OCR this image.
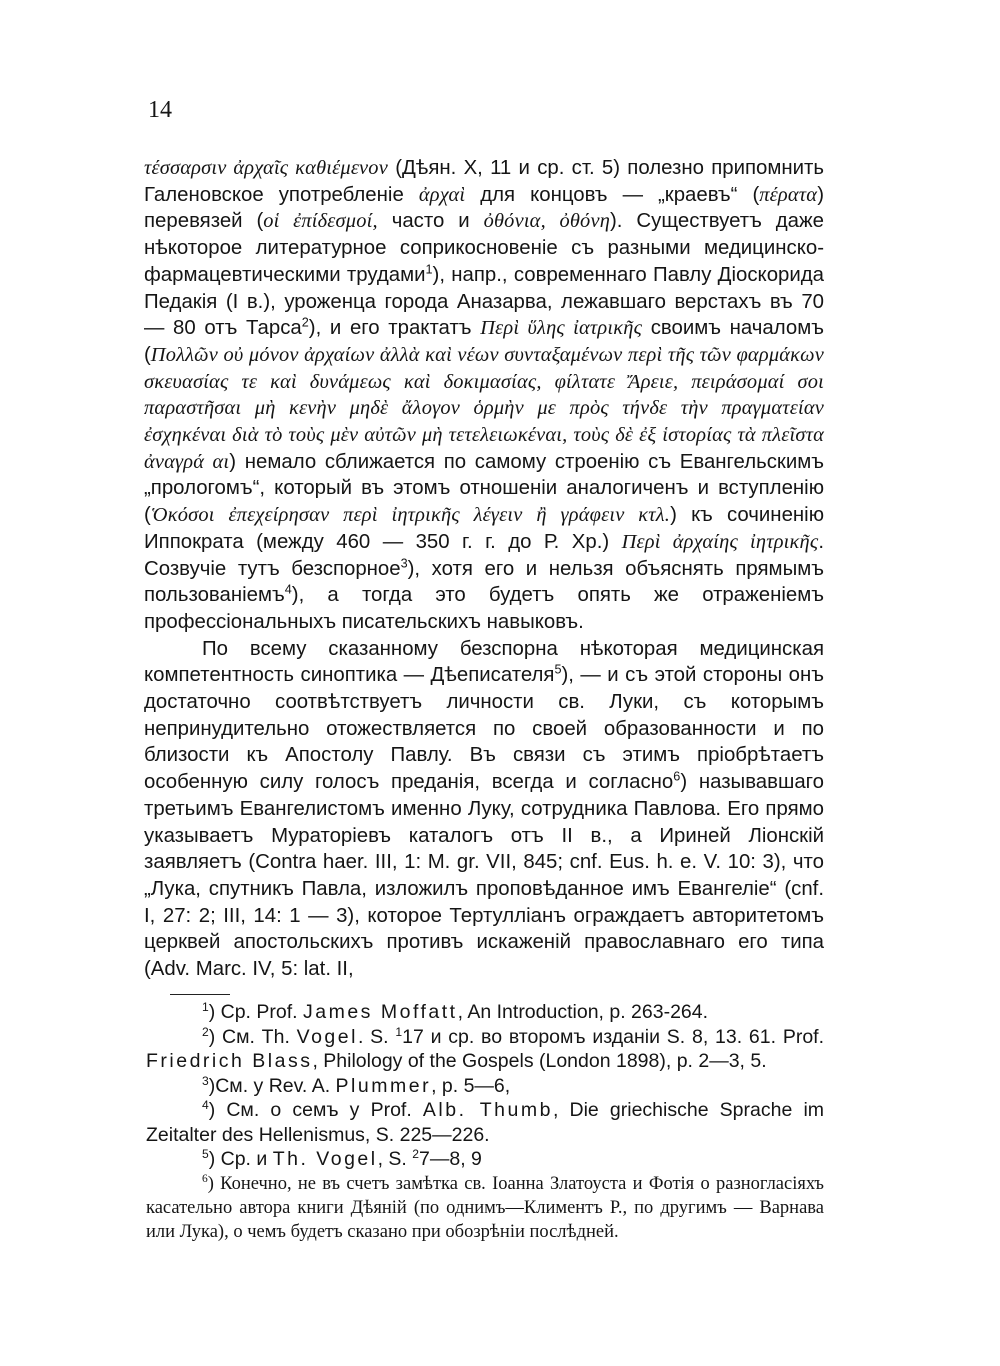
14

τέσσαρσιν ἀρχαῖς καθιέμενον (Дѣян. X, 11 и ср. ст. 5) полезно припомнить Галеновское употребленіе ἀρχαὶ для концовъ — „краевъ“ (πέρατα) перевязей (οἱ ἐπίδεσμοί, часто и ὀθόνια, ὀθόνη). Существуетъ даже нѣкоторое литературное соприкосновеніе съ разными медицинско-фармацевтическими трудами$^1$), напр., современнаго Павлу Діоскорида Педакія (I в.), уроженца города Аназарва, лежавшаго верстахъ въ 70 — 80 отъ Тарса$^2$), и его трактатъ Περὶ ὕλης ἰατρικῆς своимъ началомъ (Πολλῶν οὐ μόνον ἀρχαίων ἀλλὰ καὶ νέων συνταξαμένων περὶ τῆς τῶν φαρμάκων σκευασίας τε καὶ δυνάμεως καὶ δοκιμασίας, φίλτατε Ἄρειε, πειράσομαί σοι παραστῆσαι μὴ κενὴν μηδὲ ἄλογον ὁρμὴν με πρὸς τήνδε τὴν πραγματείαν ἐσχηκέναι διὰ τὸ τοὺς μὲν αὐτῶν μὴ τετελειωκέναι, τοὺς δὲ ἐξ ἱστορίας τὰ πλεῖστα ἀναγρά αι) немало сближается по самому строенію съ Евангельскимъ „прологомъ“, который въ этомъ отношеніи аналогиченъ и вступленію (Ὁκόσοι ἐπεχείρησαν περὶ ἰητρικῆς λέγειν ἢ γράφειν κτλ.) къ сочиненію Иппократа (между 460 — 350 г. г. до Р. Хр.) Περὶ ἀρχαίης ἰητρικῆς. Созвучіе тутъ безспорное$^3$), хотя его и нельзя объяснять прямымъ пользованіемъ$^4$), а тогда это будетъ опять же отраженіемъ профессіональныхъ писательскихъ навыковъ.

По всему сказанному безспорна нѣкоторая медицинская компетентность синоптика — Дѣеписателя$^5$), — и съ этой стороны онъ достаточно соотвѣтствуетъ личности св. Луки, съ которымъ непринудительно отожествляется по своей образованности и по близости къ Апостолу Павлу. Въ связи съ этимъ пріобрѣтаетъ особенную силу голосъ преданія, всегда и согласно$^6$) называвшаго третьимъ Евангелистомъ именно Луку, сотрудника Павлова. Его прямо указываетъ Мураторіевъ каталогъ отъ II в., а Ириней Ліонскій заявляетъ (Contra haer. III, 1: M. gr. VII, 845; cnf. Eus. h. e. V. 10: 3), что „Лука, спутникъ Павла, изложилъ проповѣданное имъ Евангеліе“ (cnf. I, 27: 2; III, 14: 1 — 3), которое Тертулліанъ ограждаетъ авторитетомъ церквей апостольскихъ противъ искаженій православнаго его типа (Adv. Marc. IV, 5: lat. II,

$^1$) Ср. Prof. James Moffatt, An Introduction, p. 263-264.

$^2$) См. Th. Vogel. S. $^1$17 и ср. во второмъ изданіи S. 8, 13. 61. Prof. Friedrich Blass, Philology of the Gospels (London 1898), p. 2—3, 5.

$^3$)См. у Rev. A. Plummer, p. 5—6,

$^4$) См. о семъ у Prof. Alb. Thumb, Die griechische Sprache im Zeitalter des Hellenismus, S. 225—226.

$^5$) Ср. и Th. Vogel, S. $^2$7—8, 9

$^6$) Конечно, не въ счетъ замѣтка св. Іоанна Златоуста и Фотія о разногласіяхъ касательно автора книги Дѣяній (по однимъ—Климентъ Р., по другимъ — Варнава или Лука), о чемъ будетъ сказано при обозрѣніи послѣдней.
